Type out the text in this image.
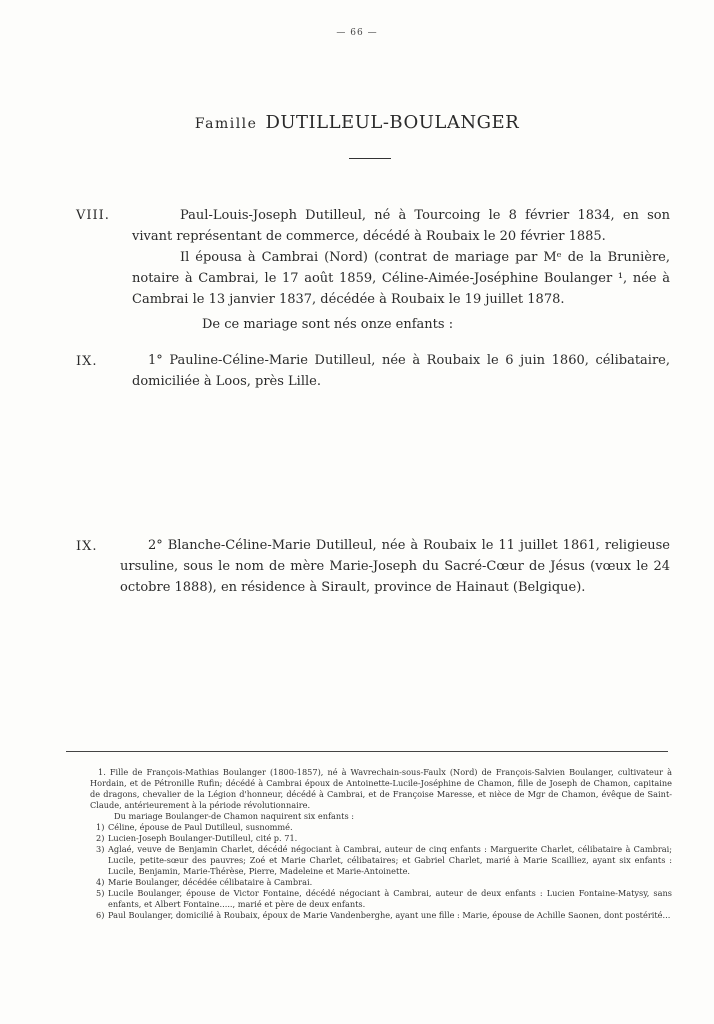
— 66 —
Famille DUTILLEUL-BOULANGER
VIII.	Paul-Louis-Joseph Dutilleul, né à Tourcoing le 8 février 1834, en son vivant représentant de commerce, décédé à Roubaix le 20 février 1885.

Il épousa à Cambrai (Nord) (contrat de mariage par Mᵉ de la Brunière, notaire à Cambrai, le 17 août 1859, Céline-Aimée-Joséphine Boulanger ¹, née à Cambrai le 13 janvier 1837, décédée à Roubaix le 19 juillet 1878.

De ce mariage sont nés onze enfants :

IX.	1° Pauline-Céline-Marie Dutilleul, née à Roubaix le 6 juin 1860, célibataire, domiciliée à Loos, près Lille.

IX.	2° Blanche-Céline-Marie Dutilleul, née à Roubaix le 11 juillet 1861, religieuse ursuline, sous le nom de mère Marie-Joseph du Sacré-Cœur de Jésus (vœux le 24 octobre 1888), en résidence à Sirault, province de Hainaut (Belgique).

1. Fille de François-Mathias Boulanger (1800-1857), né à Wavrechain-sous-Faulx (Nord) de François-Salvien Boulanger, cultivateur à Hordain, et de Pétronille Rufin; décédé à Cambrai époux de Antoinette-Lucile-Joséphine de Chamon, fille de Joseph de Chamon, capitaine de dragons, chevalier de la Légion d'honneur, décédé à Cambrai, et de Françoise Maresse, et nièce de Mgr de Chamon, évêque de Saint-Claude, antérieurement à la période révolutionnaire.

Du mariage Boulanger-de Chamon naquirent six enfants :

1) Céline, épouse de Paul Dutilleul, susnommé.
2) Lucien-Joseph Boulanger-Dutilleul, cité p. 71.
3) Aglaé, veuve de Benjamin Charlet, décédé négociant à Cambrai, auteur de cinq enfants : Marguerite Charlet, célibataire à Cambrai; Lucile, petite-sœur des pauvres; Zoé et Marie Charlet, célibataires; et Gabriel Charlet, marié à Marie Scailliez, ayant six enfants : Lucile, Benjamin, Marie-Thérèse, Pierre, Madeleine et Marie-Antoinette.
4) Marie Boulanger, décédée célibataire à Cambrai.
5) Lucile Boulanger, épouse de Victor Fontaine, décédé négociant à Cambrai, auteur de deux enfants : Lucien Fontaine-Matysy, sans enfants, et Albert Fontaine....., marié et père de deux enfants.
6) Paul Boulanger, domicilié à Roubaix, époux de Marie Vandenberghe, ayant une fille : Marie, épouse de Achille Saonen, dont postérité...
